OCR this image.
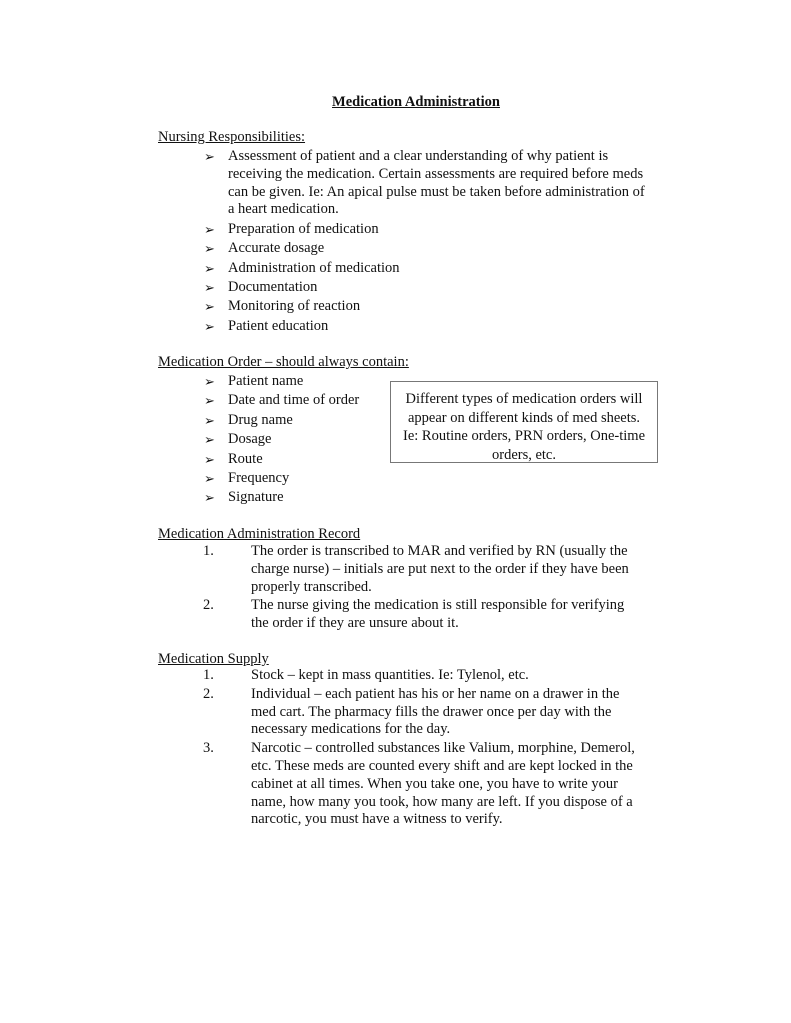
Medication Administration
Nursing Responsibilities:
➢ Assessment of patient and a clear understanding of why patient is receiving the medication. Certain assessments are required before meds can be given. Ie: An apical pulse must be taken before administration of a heart medication.
➢ Preparation of medication
➢ Accurate dosage
➢ Administration of medication
➢ Documentation
➢ Monitoring of reaction
➢ Patient education
Medication Order – should always contain:
➢ Patient name
➢ Date and time of order
➢ Drug name
➢ Dosage
➢ Route
➢ Frequency
➢ Signature
Different types of medication orders will appear on different kinds of med sheets. Ie: Routine orders, PRN orders, One-time orders, etc.
Medication Administration Record
1.	The order is transcribed to MAR and verified by RN (usually the charge nurse) – initials are put next to the order if they have been properly transcribed.
2.	The nurse giving the medication is still responsible for verifying the order if they are unsure about it.
Medication Supply
1.	Stock – kept in mass quantities. Ie: Tylenol, etc.
2.	Individual – each patient has his or her name on a drawer in the med cart. The pharmacy fills the drawer once per day with the necessary medications for the day.
3.	Narcotic – controlled substances like Valium, morphine, Demerol, etc. These meds are counted every shift and are kept locked in the cabinet at all times. When you take one, you have to write your name, how many you took, how many are left. If you dispose of a narcotic, you must have a witness to verify.
